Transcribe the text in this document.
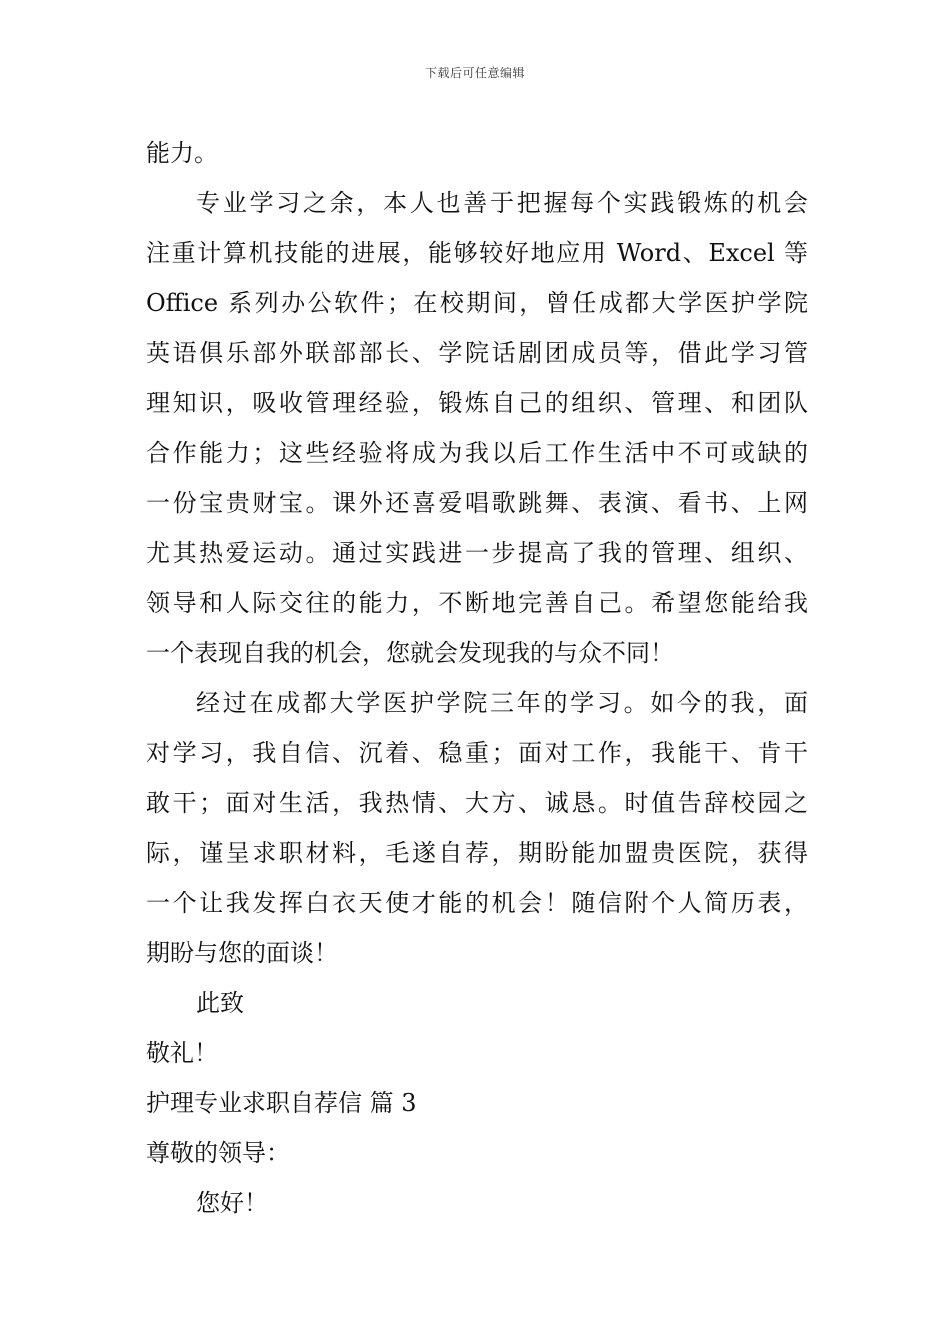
下载后可任意编辑
能力。
专业学习之余，本人也善于把握每个实践锻炼的机会
注重计算机技能的进展，能够较好地应用 Word、Excel 等
Office 系列办公软件；在校期间，曾任成都大学医护学院
英语俱乐部外联部部长、学院话剧团成员等，借此学习管
理知识，吸收管理经验，锻炼自己的组织、管理、和团队
合作能力；这些经验将成为我以后工作生活中不可或缺的
一份宝贵财宝。课外还喜爱唱歌跳舞、表演、看书、上网
尤其热爱运动。通过实践进一步提高了我的管理、组织、
领导和人际交往的能力，不断地完善自己。希望您能给我
一个表现自我的机会，您就会发现我的与众不同！
经过在成都大学医护学院三年的学习。如今的我，面
对学习，我自信、沉着、稳重；面对工作，我能干、肯干
敢干；面对生活，我热情、大方、诚恳。时值告辞校园之
际，谨呈求职材料，毛遂自荐，期盼能加盟贵医院，获得
一个让我发挥白衣天使才能的机会！随信附个人简历表，
期盼与您的面谈！
此致
敬礼！
护理专业求职自荐信 篇 3
尊敬的领导：
您好！
